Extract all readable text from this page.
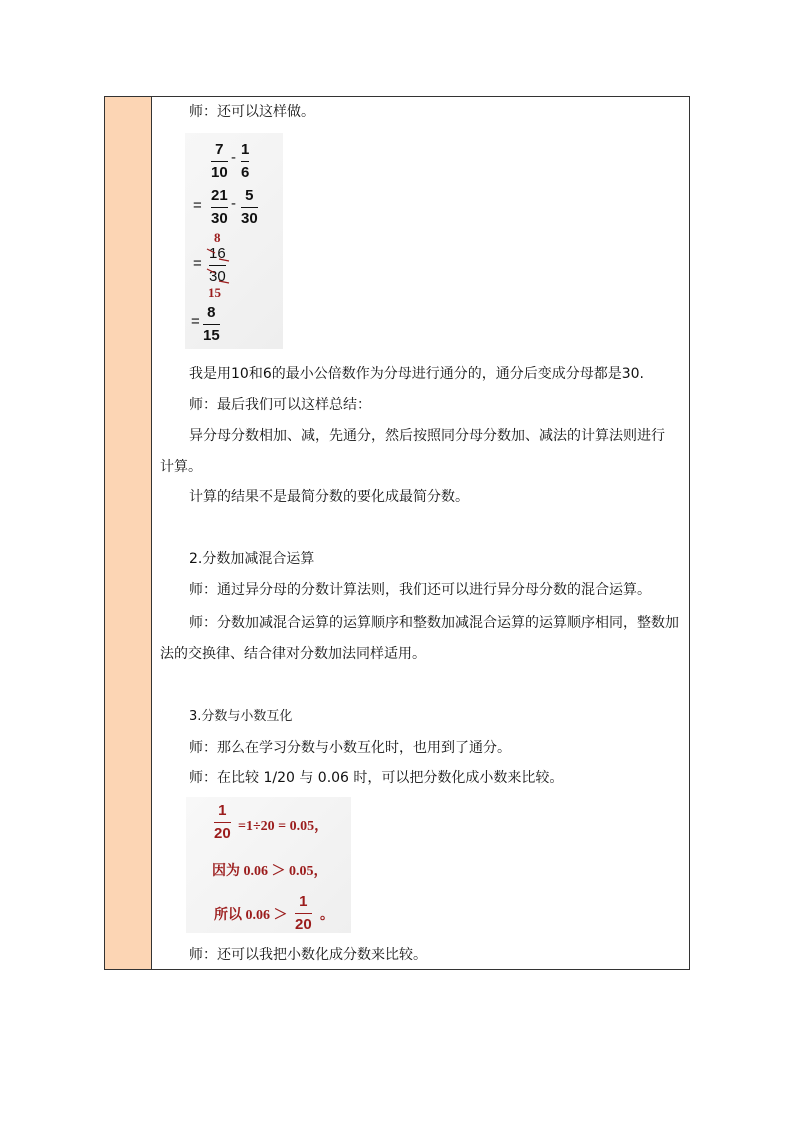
师：还可以这样做。
7
10
- 1
6
=
21
30
- 5
30
8
=
16
30
15
=
8
15
我是用10和6的最小公倍数作为分母进行通分的，通分后变成分母都是30.
师：最后我们可以这样总结：
异分母分数相加、减，先通分，然后按照同分母分数加、减法的计算法则进行
计算。
计算的结果不是最简分数的要化成最简分数。
2.分数加减混合运算
师：通过异分母的分数计算法则，我们还可以进行异分母分数的混合运算。
师：分数加减混合运算的运算顺序和整数加减混合运算的运算顺序相同，整数加
法的交换律、结合律对分数加法同样适用。
3.分数与小数互化
师：那么在学习分数与小数互化时，也用到了通分。
师：在比较 1/20 与 0.06 时，可以把分数化成小数来比较。
1
20 =1÷20 = 0.05，
因为 0.06 ＞ 0.05，
所以 0.06 ＞
1
20
。
师：还可以我把小数化成分数来比较。
